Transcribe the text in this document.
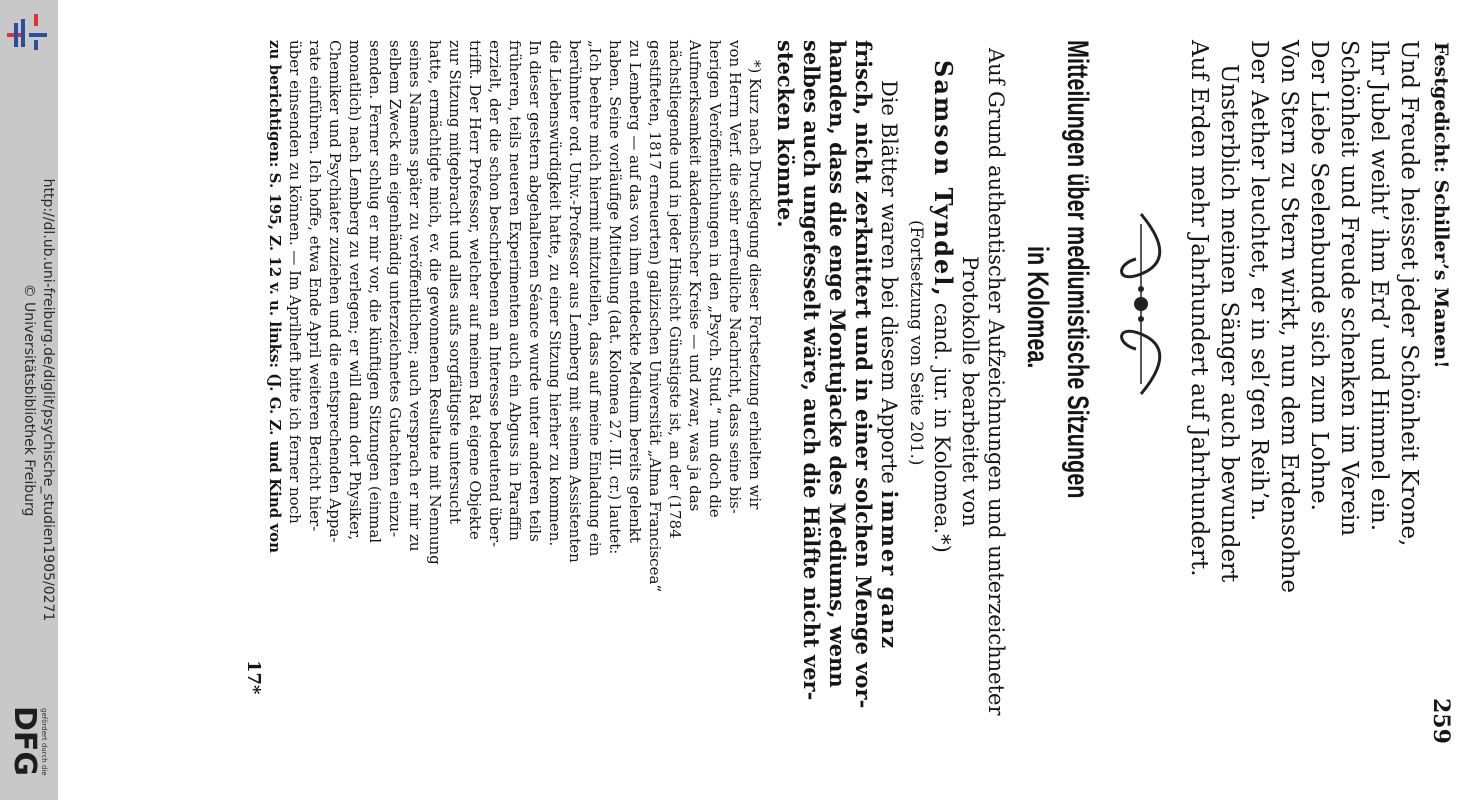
http://dl.ub.uni-freiburg.de/diglit/psychische_studien1905/0271
© Universitätsbibliothek Freiburg
gefördert durch die
DFG
Festgedicht: Schiller’s Manen!
259
Und Freude heisset jeder Schönheit Krone,
Ihr Jubel weiht’ ihm Erd’ und Himmel ein.
Schönheit und Freude schenken im Verein
Der Liebe Seelenbunde sich zum Lohne.
Von Stern zu Stern wirkt, nun dem Erdensohne
Der Aether leuchtet, er in sel’gen Reih’n.
Unsterblich meinen Sänger auch bewundert
Auf Erden mehr Jahrhundert auf Jahrhundert.
Mitteilungen über mediumistische Sitzungen
in Kolomea.
Auf Grund authentischer Aufzeichnungen und unterzeichneter
Protokolle bearbeitet von
Samson Tyndel, cand. jur. in Kolomea.*)
(Fortsetzung von Seite 201.)
Die Blätter waren bei diesem Apporte immer ganz
frisch, nicht zerknittert und in einer solchen Menge vor-
handen, dass die enge Montujacke des Mediums, wenn
selbes auch ungefesselt wäre, auch die Hälfte nicht ver-
stecken könnte.
*) Kurz nach Drucklegung dieser Fortsetzung erhielten wir
von Herrn Verf. die sehr erfreuliche Nachricht, dass seine bis-
herigen Veröffentlichungen in den „Psych. Stud.“ nun doch die
Aufmerksamkeit akademischer Kreise — und zwar, was ja das
nächstliegende und in jeder Hinsicht Günstigste ist, an der (1784
gestifteten, 1817 erneuerten) galizischen Universität „Alma Franciscea“
zu Lemberg — auf das von ihm entdeckte Medium bereits gelenkt
haben. Seine vorläufige Mitteilung (dat. Kolomea 27. III. cr.) lautet:
„Ich beehre mich hiermit mitzuteilen, dass auf meine Einladung ein
berühmter ord. Univ.-Professor aus Lemberg mit seinem Assistenten
die Liebenswürdigkeit hatte, zu einer Sitzung hierher zu kommen.
In dieser gestern abgehaltenen Séance wurde unter anderen teils
früheren, teils neueren Experimenten auch ein Abguss in Paraffin
erzielt, der die schon beschriebenen an Interesse bedeutend über-
trifft. Der Herr Professor, welcher auf meinen Rat eigene Objekte
zur Sitzung mitgebracht und alles aufs sorgfältigste untersucht
hatte, ermächtigte mich, ev. die gewonnenen Resultate mit Nennung
seines Namens später zu veröffentlichen; auch versprach er mir zu
selbem Zweck ein eigenhändig unterzeichnetes Gutachten einzu-
senden. Ferner schlug er mir vor, die künftigen Sitzungen (einmal
monatlich) nach Lemberg zu verlegen; er will dann dort Physiker,
Chemiker und Psychiater zuziehen und die entsprechenden Appa-
rate einführen. Ich hoffe, etwa Ende April weiteren Bericht hier-
über einsenden zu können. — Im Aprilheft bitte ich ferner noch
zu berichtigen: S. 195, Z. 12 v. u. links: (J. G. Z. und Kind von
17*
